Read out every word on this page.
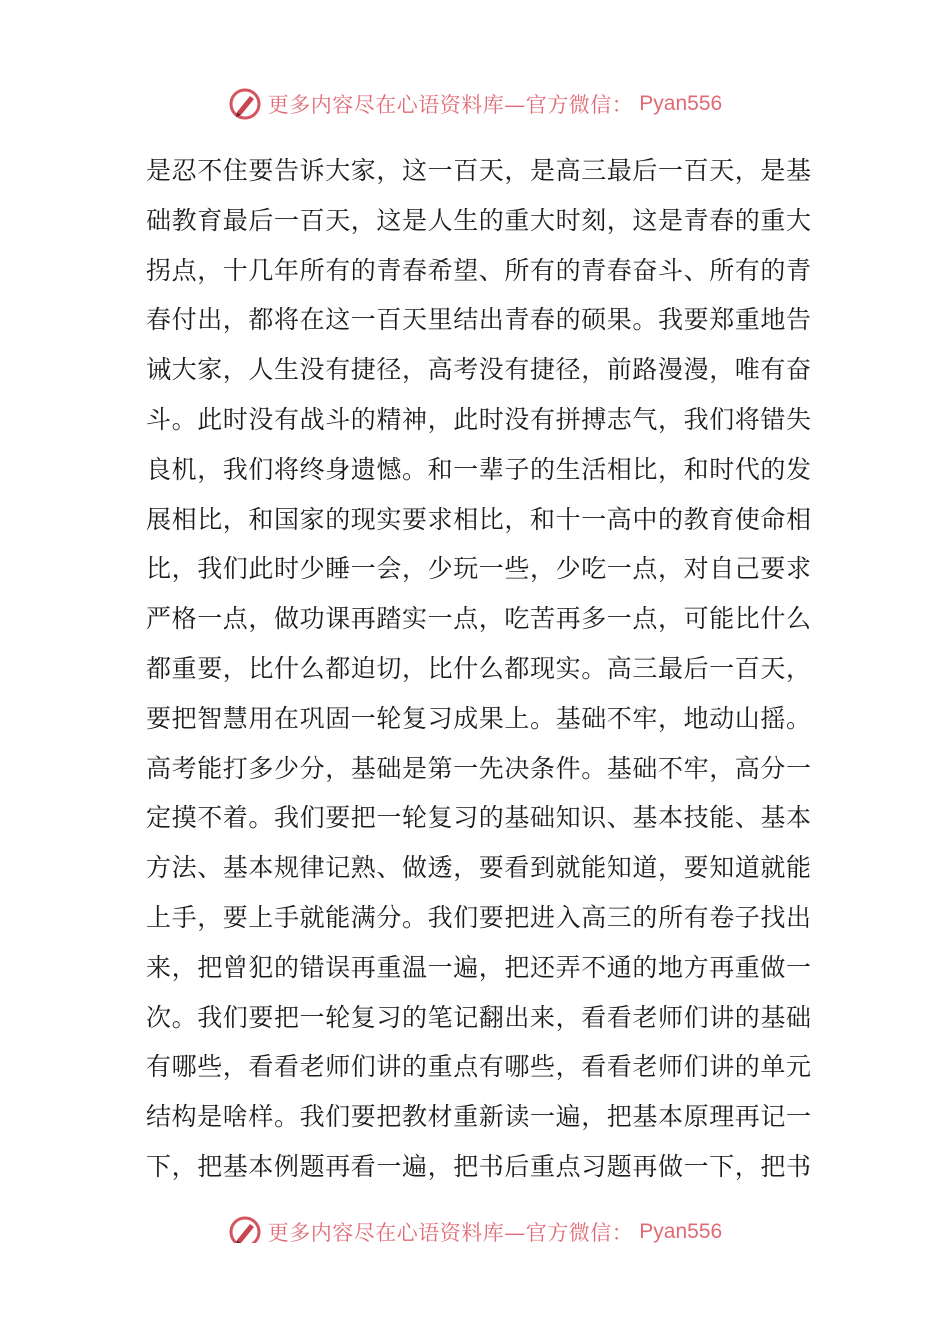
更多内容尽在心语资料库—官方微信： Pyan556
是忍不住要告诉大家，这一百天，是高三最后一百天，是基
础教育最后一百天，这是人生的重大时刻，这是青春的重大
拐点，十几年所有的青春希望、所有的青春奋斗、所有的青
春付出，都将在这一百天里结出青春的硕果。我要郑重地告
诫大家，人生没有捷径，高考没有捷径，前路漫漫，唯有奋
斗。此时没有战斗的精神，此时没有拼搏志气，我们将错失
良机，我们将终身遗憾。和一辈子的生活相比，和时代的发
展相比，和国家的现实要求相比，和十一高中的教育使命相
比，我们此时少睡一会，少玩一些，少吃一点，对自己要求
严格一点，做功课再踏实一点，吃苦再多一点，可能比什么
都重要，比什么都迫切，比什么都现实。高三最后一百天，
要把智慧用在巩固一轮复习成果上。基础不牢，地动山摇。
高考能打多少分，基础是第一先决条件。基础不牢，高分一
定摸不着。我们要把一轮复习的基础知识、基本技能、基本
方法、基本规律记熟、做透，要看到就能知道，要知道就能
上手，要上手就能满分。我们要把进入高三的所有卷子找出
来，把曾犯的错误再重温一遍，把还弄不通的地方再重做一
次。我们要把一轮复习的笔记翻出来，看看老师们讲的基础
有哪些，看看老师们讲的重点有哪些，看看老师们讲的单元
结构是啥样。我们要把教材重新读一遍，把基本原理再记一
下，把基本例题再看一遍，把书后重点习题再做一下，把书
更多内容尽在心语资料库—官方微信： Pyan556
